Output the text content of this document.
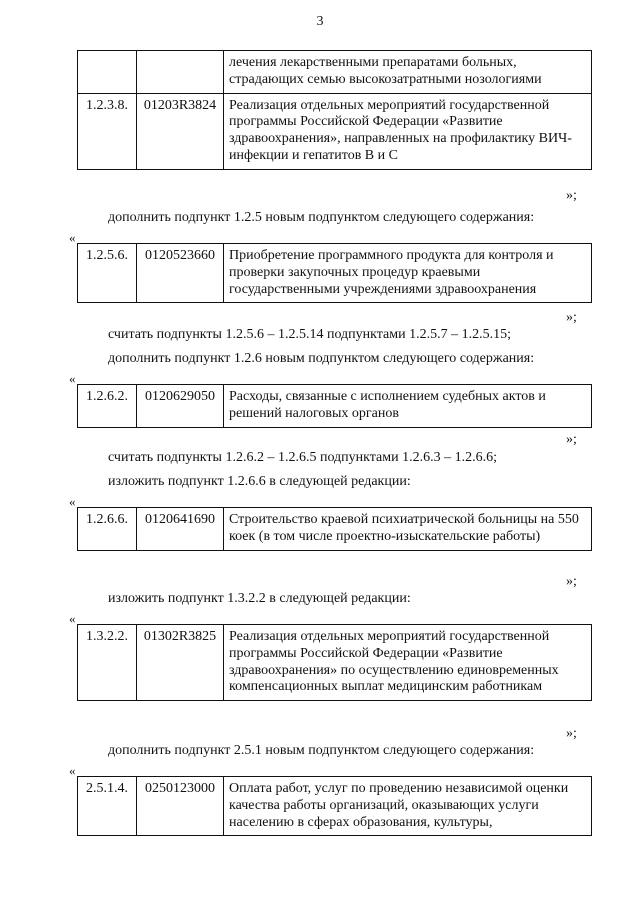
3
		лечения лекарственными препаратами больных, страдающих семью высокозатратными нозологиями
1.2.3.8.	01203R3824	Реализация отдельных мероприятий государственной программы Российской Федерации «Развитие здравоохранения», направленных на профилактику ВИЧ-инфекции и гепатитов В и С
»;
дополнить подпункт 1.2.5 новым подпунктом следующего содержания:
«
1.2.5.6.	0120523660	Приобретение программного продукта для контроля и проверки закупочных процедур краевыми государственными учреждениями здравоохранения
»;
считать подпункты 1.2.5.6 – 1.2.5.14 подпунктами 1.2.5.7 – 1.2.5.15;
дополнить подпункт 1.2.6 новым подпунктом следующего содержания:
«
1.2.6.2.	0120629050	Расходы, связанные с исполнением судебных актов и решений налоговых органов
»;
считать подпункты 1.2.6.2 – 1.2.6.5 подпунктами 1.2.6.3 – 1.2.6.6;
изложить подпункт 1.2.6.6 в следующей редакции:
«
1.2.6.6.	0120641690	Строительство краевой психиатрической больницы на 550 коек (в том числе проектно-изыскательские работы)
»;
изложить подпункт 1.3.2.2 в следующей редакции:
«
1.3.2.2.	01302R3825	Реализация отдельных мероприятий государственной программы Российской Федерации «Развитие здравоохранения» по осуществлению единовременных компенсационных выплат медицинским работникам
»;
дополнить подпункт 2.5.1 новым подпунктом следующего содержания:
«
2.5.1.4.	0250123000	Оплата работ, услуг по проведению независимой оценки качества работы организаций, оказывающих услуги населению в сферах образования, культуры,
